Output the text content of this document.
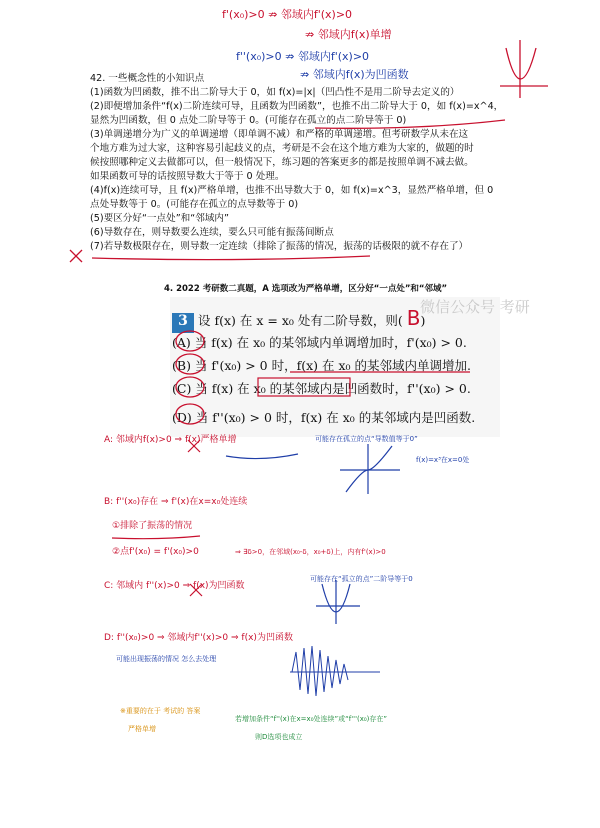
f'(x₀)>0 ⇏ 邻域内f'(x)>0
⇏ 邻域内f(x)单增
f''(x₀)>0 ⇏ 邻域内f'(x)>0
⇏ 邻域内f(x)为凹函数

42. 一些概念性的小知识点

(1)函数为凹函数，推不出二阶导大于 0，如 f(x)=|x|（凹凸性不是用二阶导去定义的）

(2)即便增加条件“f(x)二阶连续可导，且函数为凹函数”，也推不出二阶导大于 0，如 f(x)=x^4，

显然为凹函数，但 0 点处二阶导等于 0。(可能存在孤立的点二阶导等于 0)

(3)单调递增分为广义的单调递增（即单调不减）和严格的单调递增。但考研数学从未在这

个地方难为过大家，这种容易引起歧义的点，考研是不会在这个地方难为大家的，做题的时

候按照哪种定义去做都可以，但一般情况下，练习题的答案更多的都是按照单调不减去做。

如果函数可导的话按照导数大于等于 0 处理。

(4)f(x)连续可导，且 f(x)严格单增，也推不出导数大于 0，如 f(x)=x^3，显然严格单增，但 0

点处导数等于 0。(可能存在孤立的点导数等于 0)

(5)要区分好“一点处”和“邻域内”

(6)导数存在，则导数要么连续，要么只可能有振荡间断点

(7)若导数极限存在，则导数一定连续（排除了振荡的情况，振荡的话极限的就不存在了）

4. 2022 考研数二真题，A 选项改为严格单增，区分好“一点处”和“邻域”
微信公众号 考研
3 设 f(x) 在 x = x₀ 处有二阶导数，则( B)
(A) 当 f(x) 在 x₀ 的某邻域内单调增加时，f'(x₀) > 0.
(B) 当 f'(x₀) > 0 时，f(x) 在 x₀ 的某邻域内单调增加.
(C) 当 f(x) 在 x₀ 的某邻域内是凹函数时，f''(x₀) > 0.
(D) 当 f''(x₀) > 0 时，f(x) 在 x₀ 的某邻域内是凹函数.
A: 邻域内f(x)>0 ⇒ f(x)严格单增	可能存在孤立的点“导数值等于0”
f(x)=x³在x=0处
B: f''(x₀)存在 ⇒ f'(x)在x=x₀处连续
①排除了振荡的情况
②点f'(x₀) = f'(x₀)>0	⇒ ∃δ>0，在邻域(x₀-δ，x₀+δ)上，内有f'(x)>0
C: 邻域内 f''(x)>0 ⇒ f(x)为凹函数
可能存在“孤立的点”二阶导等于0
D: f''(x₀)>0 ⇒ 邻域内f''(x)>0 ⇒ f(x)为凹函数
可能出现振荡的情况 怎么去处理
若增加条件“f''(x)在x=x₀处连续”或“f'''(x₀)存在”
则D选项也成立
※重要的在于 考试的 答案
严格单增
